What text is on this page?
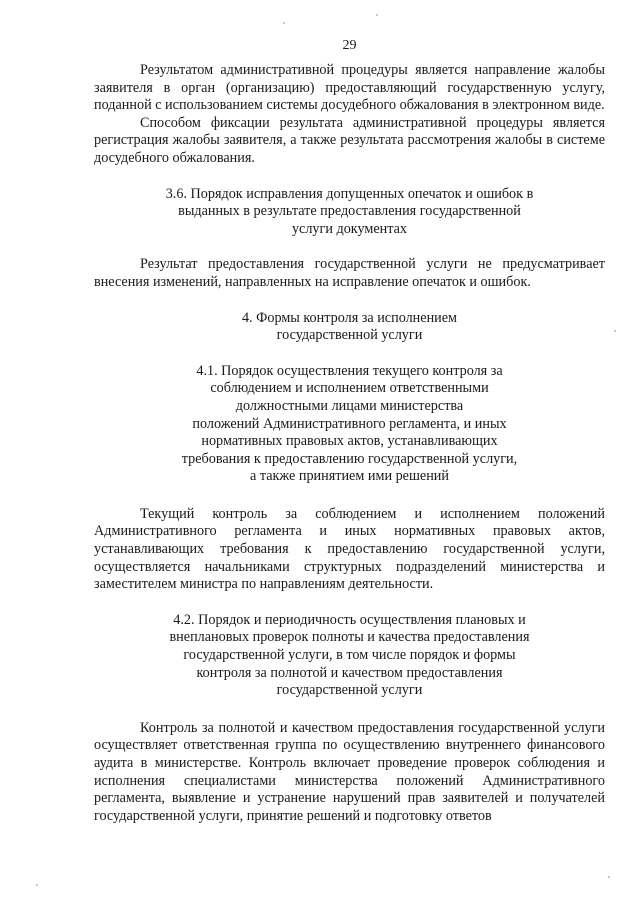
29

Результатом административной процедуры является направление жалобы заявителя в орган (организацию) предоставляющий государственную услугу, поданной с использованием системы досудебного обжалования в электронном виде.

Способом фиксации результата административной процедуры является регистрация жалобы заявителя, а также результата рассмотрения жалобы в системе досудебного обжалования.

3.6. Порядок исправления допущенных опечаток и ошибок в
выданных в результате предоставления государственной
услуги документах

Результат предоставления государственной услуги не предусматривает внесения изменений, направленных на исправление опечаток и ошибок.

4. Формы контроля за исполнением
государственной услуги
4.1. Порядок осуществления текущего контроля за
соблюдением и исполнением ответственными
должностными лицами министерства
положений Административного регламента, и иных
нормативных правовых актов, устанавливающих
требования к предоставлению государственной услуги,
а также принятием ими решений

Текущий контроль за соблюдением и исполнением положений Административного регламента и иных нормативных правовых актов, устанавливающих требования к предоставлению государственной услуги, осуществляется начальниками структурных подразделений министерства и заместителем министра по направлениям деятельности.

4.2. Порядок и периодичность осуществления плановых и
внеплановых проверок полноты и качества предоставления
государственной услуги, в том числе порядок и формы
контроля за полнотой и качеством предоставления
государственной услуги

Контроль за полнотой и качеством предоставления государственной услуги осуществляет ответственная группа по осуществлению внутреннего финансового аудита в министерстве. Контроль включает проведение проверок соблюдения и исполнения специалистами министерства положений Административного регламента, выявление и устранение нарушений прав заявителей и получателей государственной услуги, принятие решений и подготовку ответов
